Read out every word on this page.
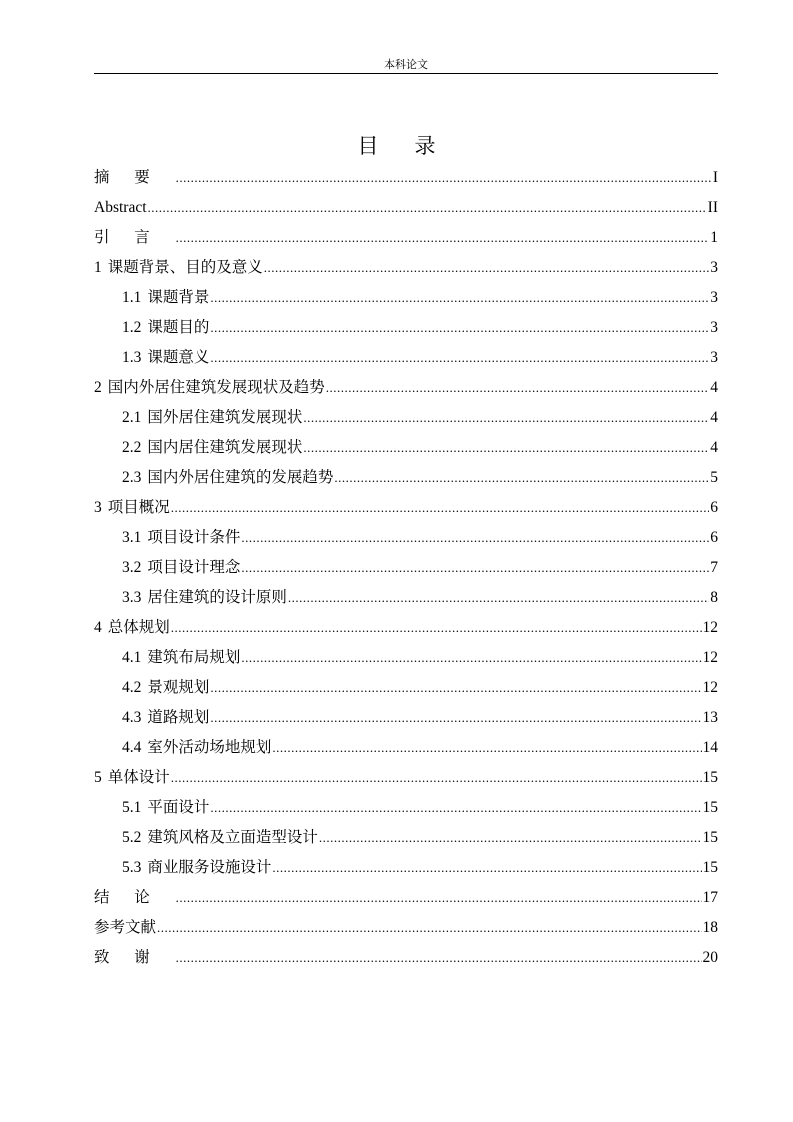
本科论文
目录
摘要 .....	I
Abstract .....	II
引言 .....	1
1 课题背景、目的及意义 .....	3
1.1 课题背景 .....	3
1.2 课题目的 .....	3
1.3 课题意义 .....	3
2 国内外居住建筑发展现状及趋势 .....	4
2.1 国外居住建筑发展现状 .....	4
2.2 国内居住建筑发展现状 .....	4
2.3 国内外居住建筑的发展趋势 .....	5
3 项目概况 .....	6
3.1 项目设计条件 .....	6
3.2 项目设计理念 .....	7
3.3 居住建筑的设计原则 .....	8
4 总体规划 .....	12
4.1 建筑布局规划 .....	12
4.2 景观规划 .....	12
4.3 道路规划 .....	13
4.4 室外活动场地规划 .....	14
5 单体设计 .....	15
5.1 平面设计 .....	15
5.2 建筑风格及立面造型设计 .....	15
5.3 商业服务设施设计 .....	15
结论 .....	17
参考文献 .....	18
致谢 .....	20
